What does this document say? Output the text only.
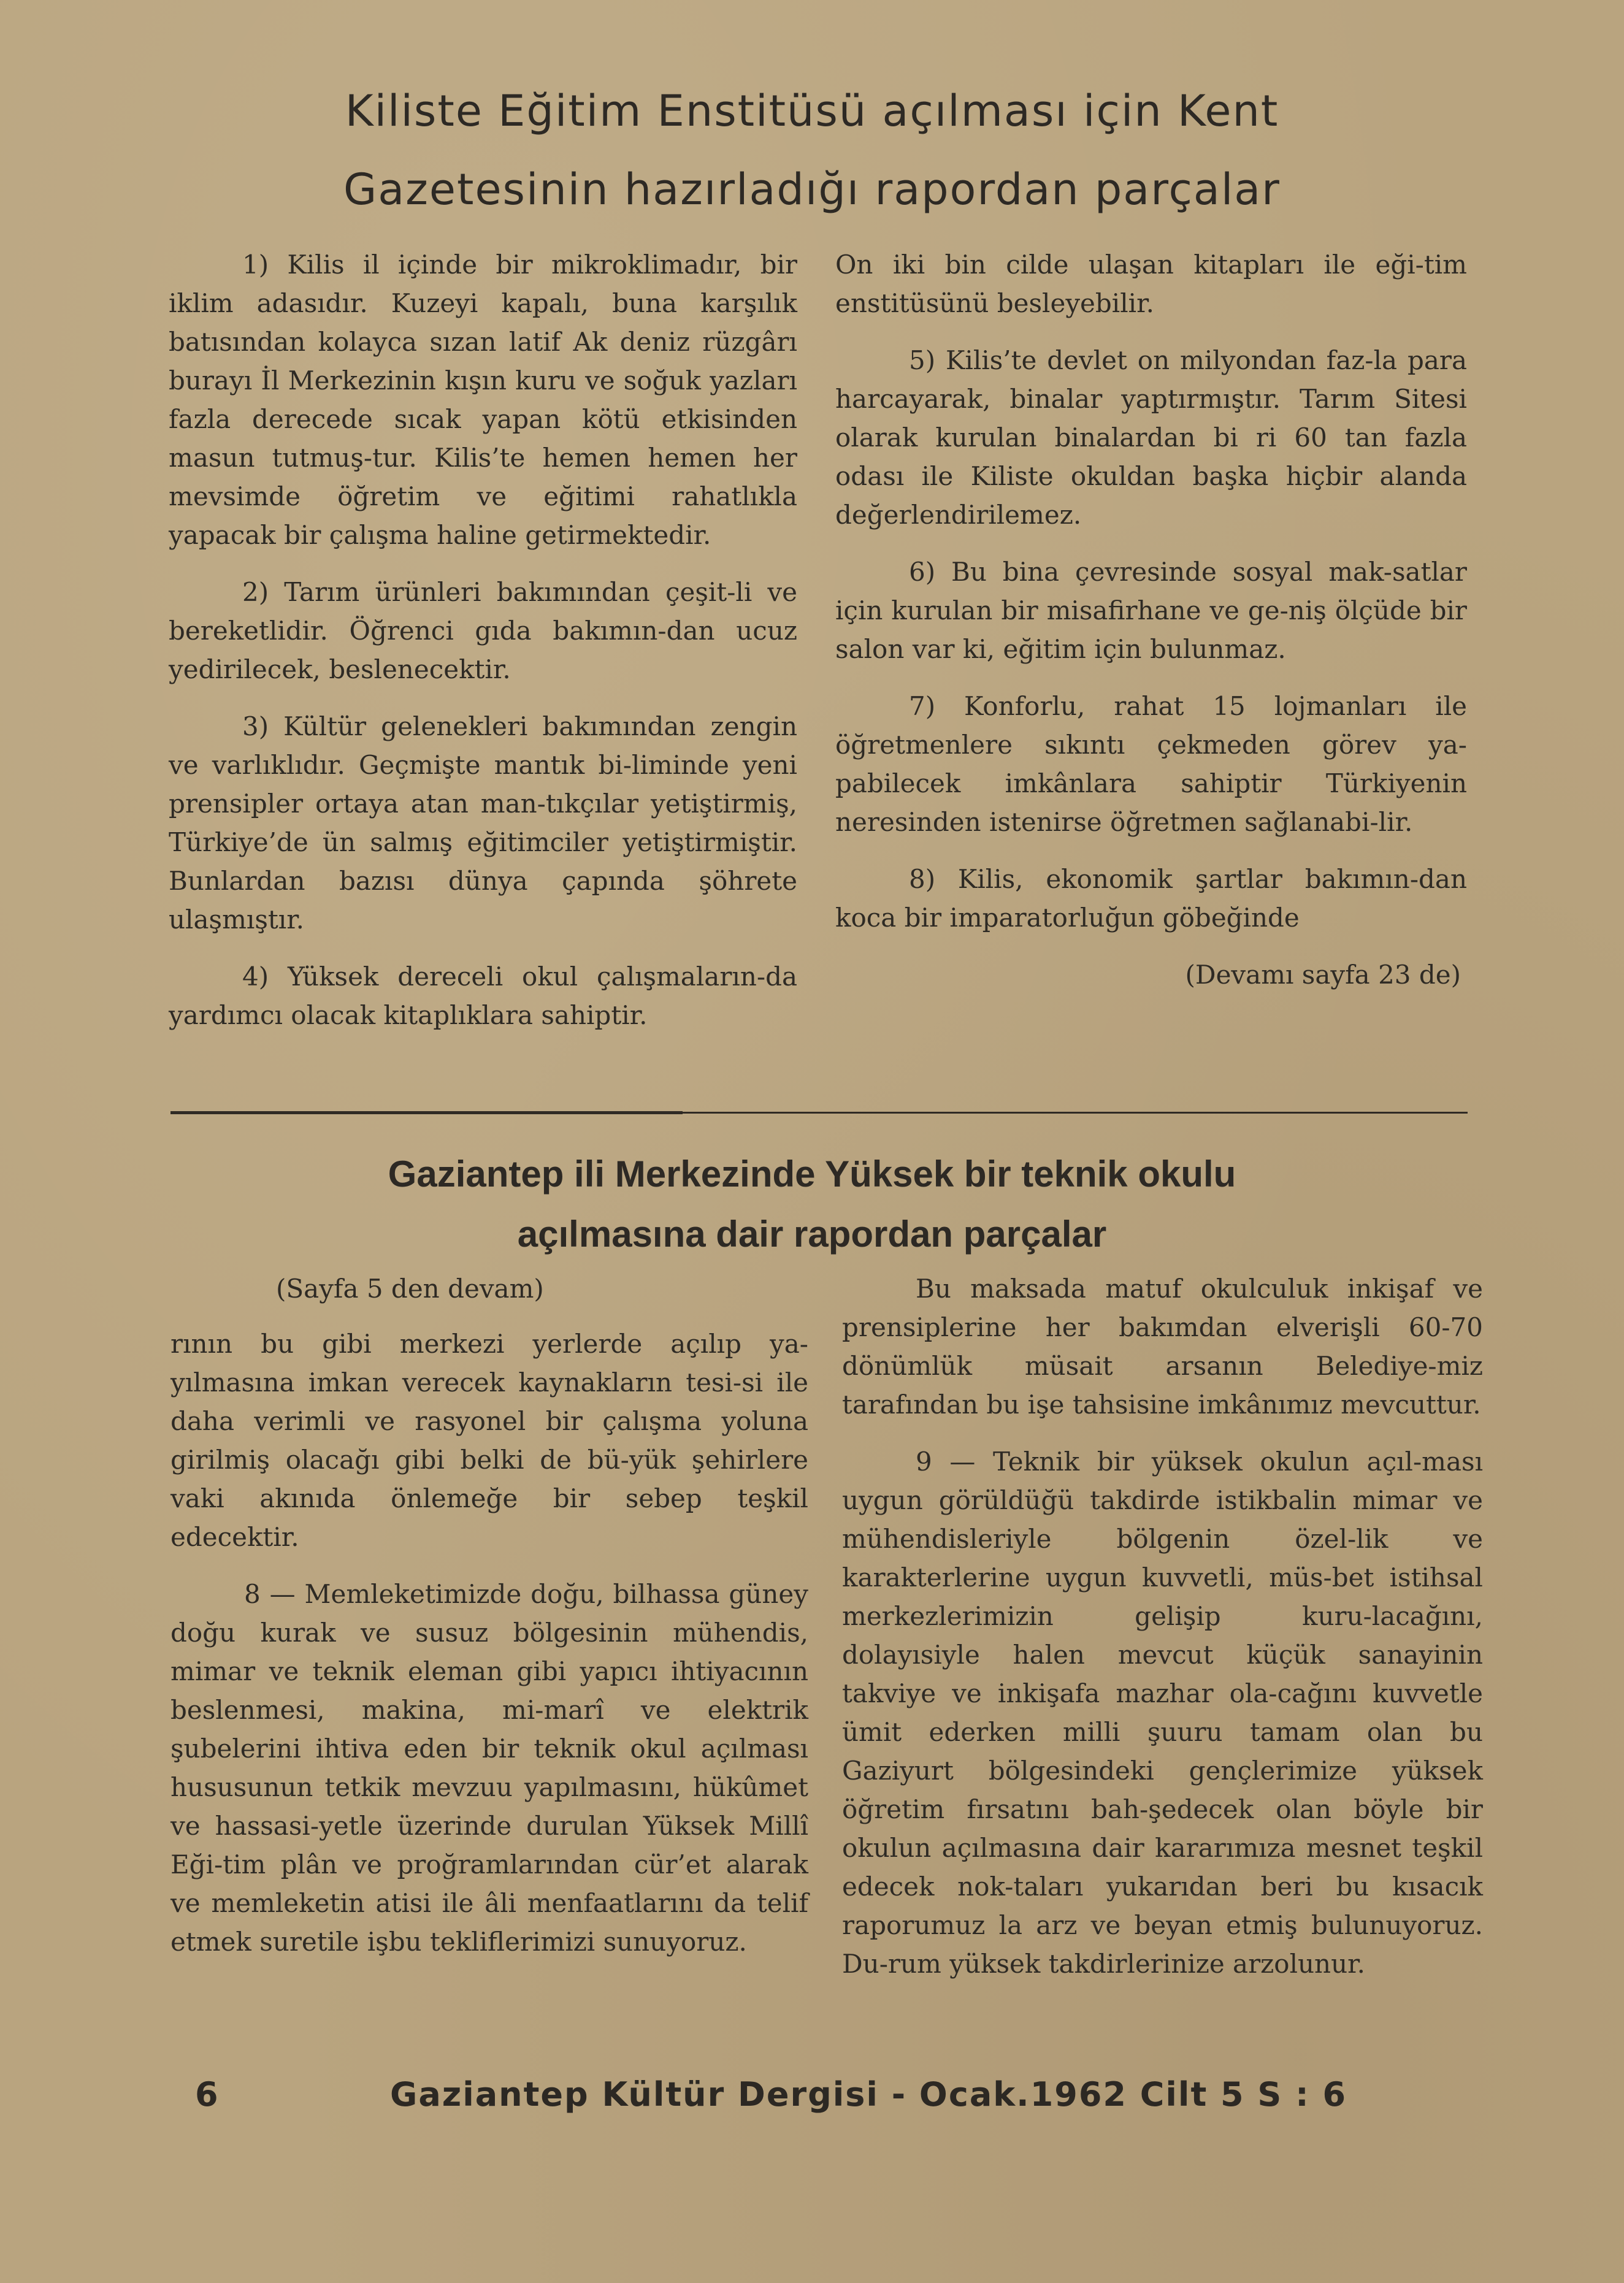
Kiliste Eğitim Enstitüsü açılması için Kent
Gazetesinin hazırladığı rapordan parçalar

1) Kilis il içinde bir mikroklimadır, bir iklim adasıdır. Kuzeyi kapalı, buna karşılık batısından kolayca sızan latif Ak deniz rüzgârı burayı İl Merkezinin kışın kuru ve soğuk yazları fazla derecede sıcak yapan kötü etkisinden masun tutmuş-tur. Kilis’te hemen hemen her mevsimde öğretim ve eğitimi rahatlıkla yapacak bir çalışma haline getirmektedir.

2) Tarım ürünleri bakımından çeşit-li ve bereketlidir. Öğrenci gıda bakımın-dan ucuz yedirilecek, beslenecektir.

3) Kültür gelenekleri bakımından zengin ve varlıklıdır. Geçmişte mantık bi-liminde yeni prensipler ortaya atan man-tıkçılar yetiştirmiş, Türkiye’de ün salmış eğitimciler yetiştirmiştir. Bunlardan bazısı dünya çapında şöhrete ulaşmıştır.

4) Yüksek dereceli okul çalışmaların-da yardımcı olacak kitaplıklara sahiptir.

On iki bin cilde ulaşan kitapları ile eği-tim enstitüsünü besleyebilir.

5) Kilis’te devlet on milyondan faz-la para harcayarak, binalar yaptırmıştır. Tarım Sitesi olarak kurulan binalardan bi ri 60 tan fazla odası ile Kiliste okuldan başka hiçbir alanda değerlendirilemez.

6) Bu bina çevresinde sosyal mak-satlar için kurulan bir misafirhane ve ge-niş ölçüde bir salon var ki, eğitim için bulunmaz.

7) Konforlu, rahat 15 lojmanları ile öğretmenlere sıkıntı çekmeden görev ya-pabilecek imkânlara sahiptir Türkiyenin neresinden istenirse öğretmen sağlanabi-lir.

8) Kilis, ekonomik şartlar bakımın-dan koca bir imparatorluğun göbeğinde

(Devamı sayfa 23 de)

Gaziantep ili Merkezinde Yüksek bir teknik okulu
açılmasına dair rapordan parçalar
(Sayfa 5 den devam)

rının bu gibi merkezi yerlerde açılıp ya-yılmasına imkan verecek kaynakların tesi-si ile daha verimli ve rasyonel bir çalışma yoluna girilmiş olacağı gibi belki de bü-yük şehirlere vaki akınıda önlemeğe bir sebep teşkil edecektir.

8 — Memleketimizde doğu, bilhassa güney doğu kurak ve susuz bölgesinin mühendis, mimar ve teknik eleman gibi yapıcı ihtiyacının beslenmesi, makina, mi-marî ve elektrik şubelerini ihtiva eden bir teknik okul açılması hususunun tetkik mevzuu yapılmasını, hükûmet ve hassasi-yetle üzerinde durulan Yüksek Millî Eği-tim plân ve proğramlarından cür’et alarak ve memleketin atisi ile âli menfaatlarını da telif etmek suretile işbu tekliflerimizi sunuyoruz.

Bu maksada matuf okulculuk inkişaf ve prensiplerine her bakımdan elverişli 60-70 dönümlük müsait arsanın Belediye-miz tarafından bu işe tahsisine imkânımız mevcuttur.

9 — Teknik bir yüksek okulun açıl-ması uygun görüldüğü takdirde istikbalin mimar ve mühendisleriyle bölgenin özel-lik ve karakterlerine uygun kuvvetli, müs-bet istihsal merkezlerimizin gelişip kuru-lacağını, dolayısiyle halen mevcut küçük sanayinin takviye ve inkişafa mazhar ola-cağını kuvvetle ümit ederken milli şuuru tamam olan bu Gaziyurt bölgesindeki gençlerimize yüksek öğretim fırsatını bah-şedecek olan böyle bir okulun açılmasına dair kararımıza mesnet teşkil edecek nok-taları yukarıdan beri bu kısacık raporumuz la arz ve beyan etmiş bulunuyoruz. Du-rum yüksek takdirlerinize arzolunur.

6	Gaziantep Kültür Dergisi - Ocak.1962 Cilt 5 S : 6
